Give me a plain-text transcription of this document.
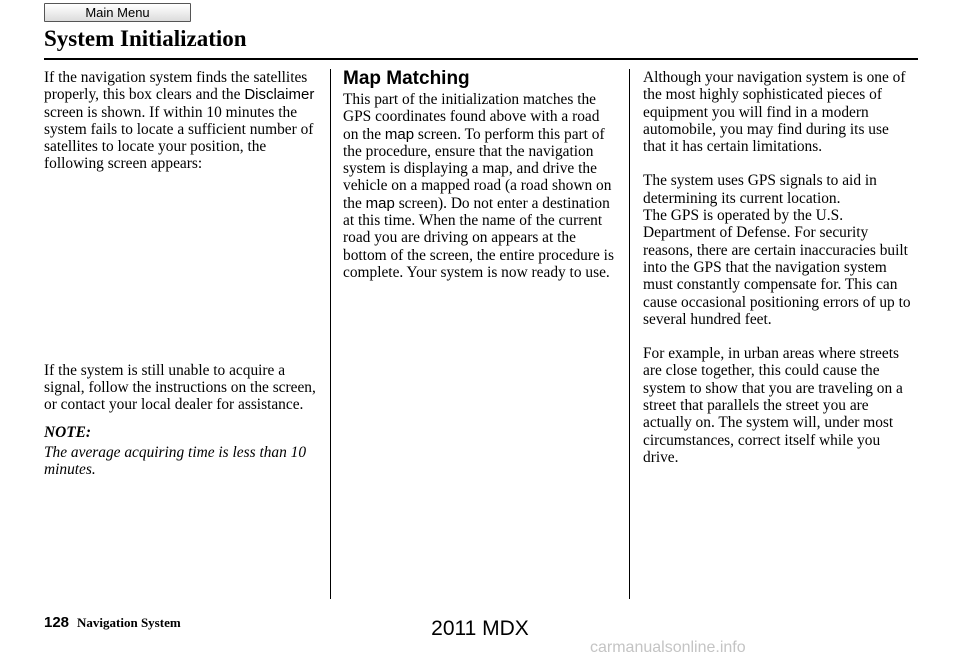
Main Menu
System Initialization

If the navigation system finds the satellites properly, this box clears and the Disclaimer screen is shown. If within 10 minutes the system fails to locate a sufficient number of satellites to locate your position, the following screen appears:

If the system is still unable to acquire a signal, follow the instructions on the screen, or contact your local dealer for assistance.

NOTE:

The average acquiring time is less than 10 minutes.

Map Matching

This part of the initialization matches the GPS coordinates found above with a road on the map screen. To perform this part of the procedure, ensure that the navigation system is displaying a map, and drive the vehicle on a mapped road (a road shown on the map screen). Do not enter a destination at this time. When the name of the current road you are driving on appears at the bottom of the screen, the entire procedure is complete. Your system is now ready to use.

Although your navigation system is one of the most highly sophisticated pieces of equipment you will find in a modern automobile, you may find during its use that it has certain limitations.

The system uses GPS signals to aid in determining its current location.

The GPS is operated by the U.S. Department of Defense. For security reasons, there are certain inaccuracies built into the GPS that the navigation system must constantly compensate for. This can cause occasional positioning errors of up to several hundred feet.

For example, in urban areas where streets are close together, this could cause the system to show that you are traveling on a street that parallels the street you are actually on. The system will, under most circumstances, correct itself while you drive.

128 Navigation System	2011 MDX
carmanualsonline.info
